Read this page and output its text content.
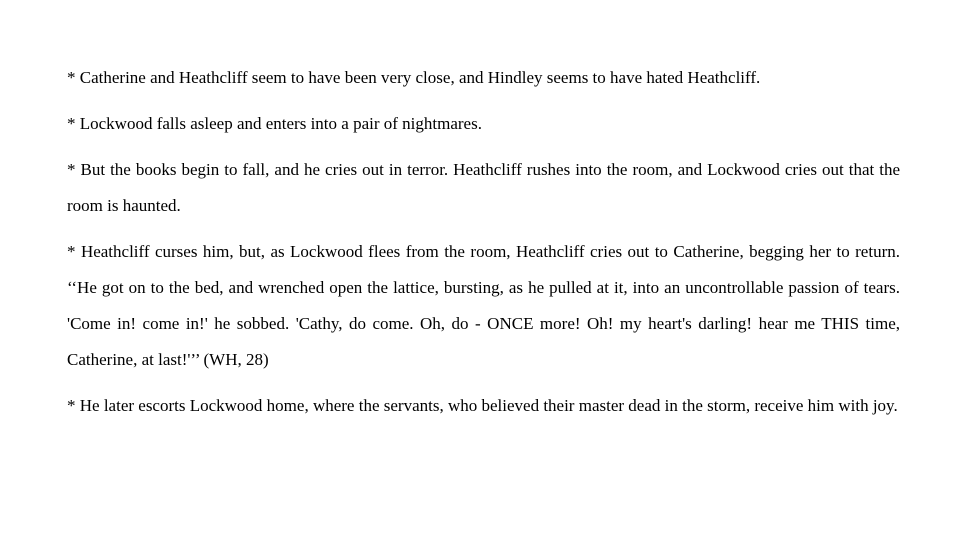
* Catherine and Heathcliff seem to have been very close, and Hindley seems to have hated Heathcliff.

* Lockwood falls asleep and enters into a pair of nightmares.

* But the books begin to fall, and he cries out in terror. Heathcliff rushes into the room, and Lockwood cries out that the room is haunted.

* Heathcliff curses him, but, as Lockwood flees from the room, Heathcliff cries out to Catherine, begging her to return. ‘‘He got on to the bed, and wrenched open the lattice, bursting, as he pulled at it, into an uncontrollable passion of tears. 'Come in! come in!' he sobbed. 'Cathy, do come. Oh, do - ONCE more! Oh! my heart's darling! hear me THIS time, Catherine, at last!'’’ (WH, 28)

* He later escorts Lockwood home, where the servants, who believed their master dead in the storm, receive him with joy.
